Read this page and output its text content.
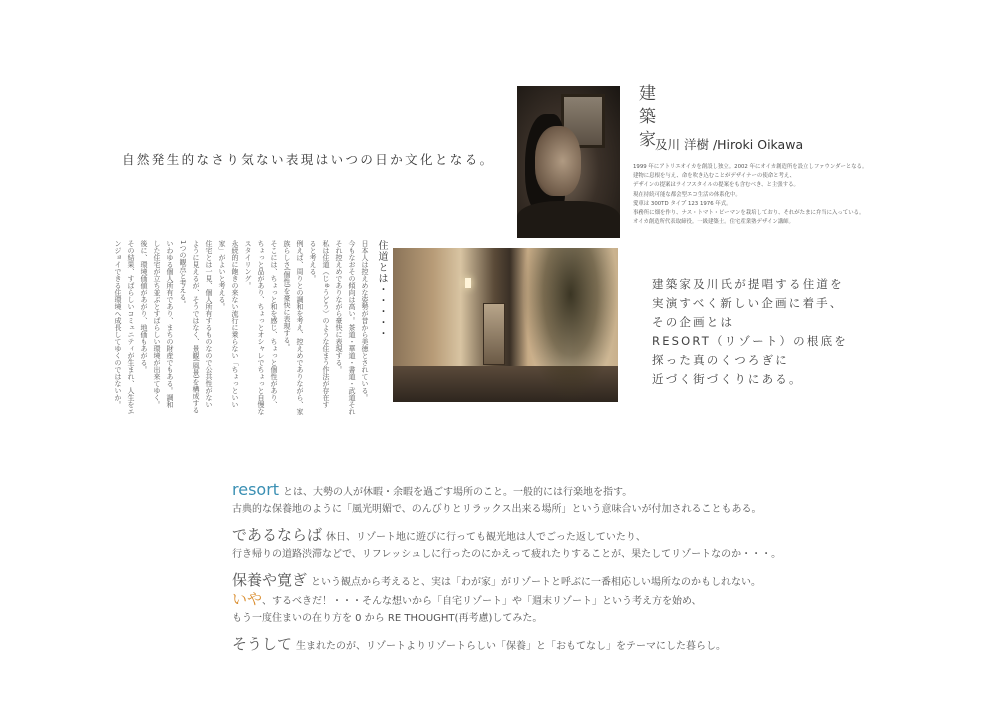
自然発生的なさり気ない表現はいつの日か文化となる。
建築家 及川 洋樹 /Hiroki Oikawa
1999 年にアトリエオイカを創設し独立。2002 年にオイカ創造所を設立しファウンダーとなる。
建物に息根を与え、命を吹き込むことがデザイナーの使命と考え、
デザインの提案はライフスタイルの提案をも含むべき、と主張する。
現在持続可能な都会型エコ生活の体系化中。
愛車は 300TD タイプ 123 1976 年式。
事務所に畑を作り、ナス・トマト・ピーマンを栽培しており、それがたまに弁当に入っている。
オイカ創造所代表取締役。一級建築士。住宅産業塾デザイン講師。
住道とは・・・・・
日本人は控えめな姿勢が昔から美徳とされている。
今もなおその傾向は高い。茶道・華道・書道・武道それ
それ控えめでありながら豪快に表現する。
私は住道（じゅうどう）のような住まう作法が存在す
ると考える。
例えば、周りとの調和を考え、控えめでありながら、家
族らしさ(個性)を豪快に表現する。
そこには、ちょっと和を感じ、ちょっと個性があり、
ちょっと品があり、ちょっとオシャレでちょっと自慢な
スタイリング。
永続的に飽きの来ない流行に乗らない「ちょっといい
家」がよいと考える。
住宅とは一見、個人所有するものなので公共性がない
ように見えるが、そうではなく、景観(風景)を構成する
1つの観点と考える。
いわゆる個人所有であり、まちの財産でもある。調和
した住宅が立ち並ぶとすばらしい環境が出来てゆく。
後に、環境価値があがり、地価もあがる。
その結果、すばらしいコミュニティが生まれ、人生をエ
ンジョイできる住環境へ成長してゆくのではないか。	建築家及川氏が提唱する住道を
実演すべく新しい企画に着手、
その企画とは
RESORT（リゾート）の根底を
探った真のくつろぎに
近づく街づくりにある。
resort とは、大勢の人が休暇・余暇を過ごす場所のこと。一般的には行楽地を指す。
古典的な保養地のように「風光明媚で、のんびりとリラックス出来る場所」という意味合いが付加されることもある。
であるならば 休日、リゾート地に遊びに行っても観光地は人でごった返していたり、
行き帰りの道路渋滞などで、リフレッシュしに行ったのにかえって疲れたりすることが、果たしてリゾートなのか・・・。
保養や寛ぎ という観点から考えると、実は「わが家」がリゾートと呼ぶに一番相応しい場所なのかもしれない。
いや、するべきだ！・・・そんな想いから「自宅リゾート」や「週末リゾート」という考え方を始め、
もう一度住まいの在り方を 0 から RE THOUGHT(再考慮)してみた。
そうして 生まれたのが、リゾートよりリゾートらしい「保養」と「おもてなし」をテーマにした暮らし。
